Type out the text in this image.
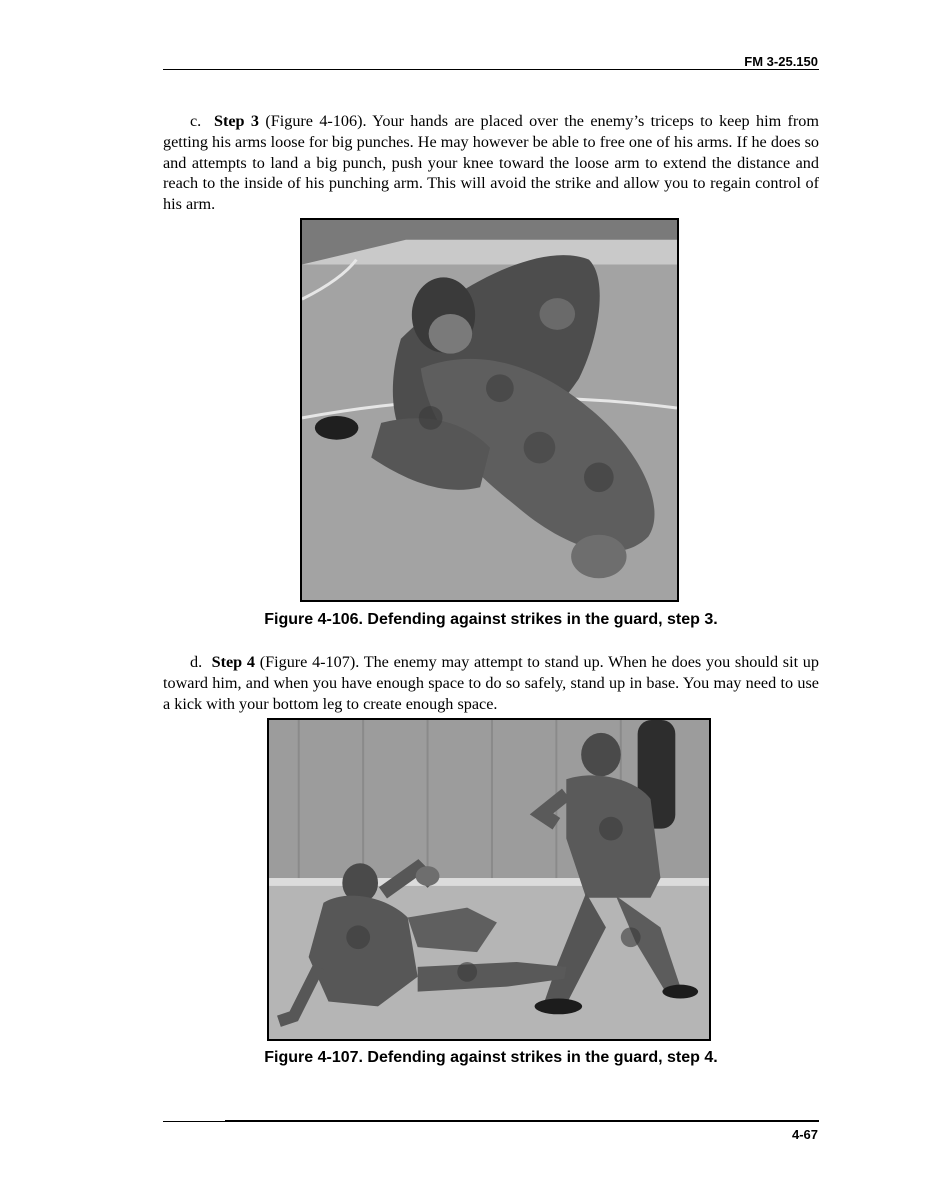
FM 3-25.150
c. Step 3 (Figure 4-106). Your hands are placed over the enemy’s triceps to keep him from getting his arms loose for big punches. He may however be able to free one of his arms. If he does so and attempts to land a big punch, push your knee toward the loose arm to extend the distance and reach to the inside of his punching arm. This will avoid the strike and allow you to regain control of his arm.
Figure 4-106. Defending against strikes in the guard, step 3.
d. Step 4 (Figure 4-107). The enemy may attempt to stand up. When he does you should sit up toward him, and when you have enough space to do so safely, stand up in base. You may need to use a kick with your bottom leg to create enough space.
Figure 4-107. Defending against strikes in the guard, step 4.
4-67
